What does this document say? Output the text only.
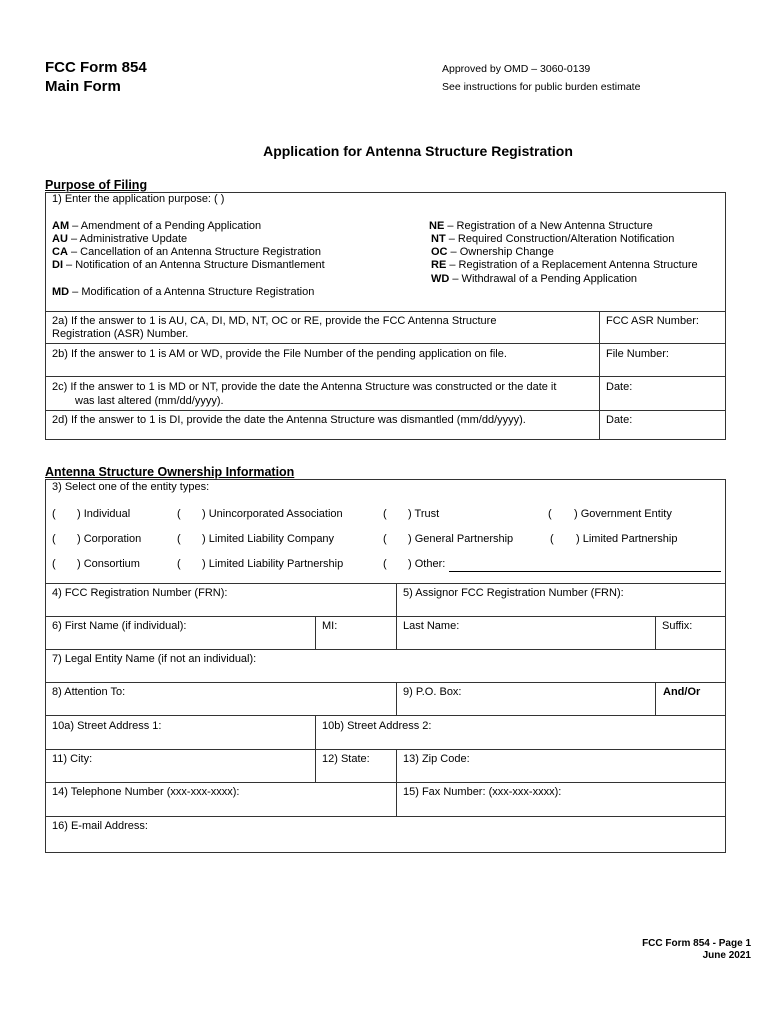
FCC Form 854
Main Form
Approved by OMD – 3060-0139
See instructions for public burden estimate
Application for Antenna Structure Registration
Purpose of Filing
1) Enter the application purpose: ( )
AM – Amendment of a Pending Application
AU – Administrative Update
CA – Cancellation of an Antenna Structure Registration
DI – Notification of an Antenna Structure Dismantlement
MD – Modification of a Antenna Structure Registration
NE – Registration of a New Antenna Structure
NT – Required Construction/Alteration Notification
OC – Ownership Change
RE – Registration of a Replacement Antenna Structure
WD – Withdrawal of a Pending Application
2a) If the answer to 1 is AU, CA, DI, MD, NT, OC or RE, provide the FCC Antenna Structure
Registration (ASR) Number.
FCC ASR Number:
2b) If the answer to 1 is AM or WD, provide the File Number of the pending application on file.	File Number:
2c) If the answer to 1 is MD or NT, provide the date the Antenna Structure was constructed or the date it
was last altered (mm/dd/yyyy).
Date:
2d) If the answer to 1 is DI, provide the date the Antenna Structure was dismantled (mm/dd/yyyy).	Date:
Antenna Structure Ownership Information
3) Select one of the entity types:
( ) Individual	( ) Unincorporated Association	( ) Trust	( ) Government Entity
( ) Corporation	( ) Limited Liability Company	( ) General Partnership	( ) Limited Partnership
( ) Consortium	( ) Limited Liability Partnership	( ) Other:
4) FCC Registration Number (FRN):	5) Assignor FCC Registration Number (FRN):
6) First Name (if individual):	MI:	Last Name:	Suffix:
7) Legal Entity Name (if not an individual):
8) Attention To:	9) P.O. Box:	And/Or
10a) Street Address 1:	10b) Street Address 2:
11) City:	12) State:	13) Zip Code:
14) Telephone Number (xxx-xxx-xxxx):	15) Fax Number: (xxx-xxx-xxxx):
16) E-mail Address:
FCC Form 854 - Page 1
June 2021
